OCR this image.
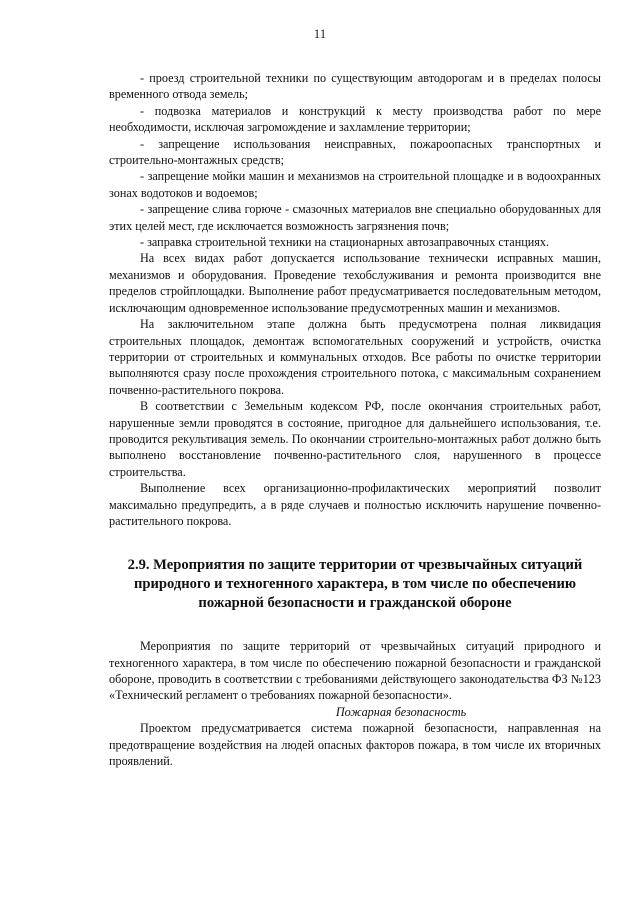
11

- проезд строительной техники по существующим автодорогам и в пределах полосы временного отвода земель;

- подвозка материалов и конструкций к месту производства работ по мере необходимости, исключая загромождение и захламление территории;

- запрещение использования неисправных, пожароопасных транспортных и строительно-монтажных средств;

- запрещение мойки машин и механизмов на строительной площадке и в водоохранных зонах водотоков и водоемов;

- запрещение слива горюче - смазочных материалов вне специально оборудованных для этих целей мест, где исключается возможность загрязнения почв;

- заправка строительной техники на стационарных автозаправочных станциях.

На всех видах работ допускается использование технически исправных машин, механизмов и оборудования. Проведение техобслуживания и ремонта производится вне пределов стройплощадки. Выполнение работ предусматривается последовательным методом, исключающим одновременное использование предусмотренных машин и механизмов.

На заключительном этапе должна быть предусмотрена полная ликвидация строительных площадок, демонтаж вспомогательных сооружений и устройств, очистка территории от строительных и коммунальных отходов. Все работы по очистке территории выполняются сразу после прохождения строительного потока, с максимальным сохранением почвенно-растительного покрова.

В соответствии с Земельным кодексом РФ, после окончания строительных работ, нарушенные земли проводятся в состояние, пригодное для дальнейшего использования, т.е. проводится рекультивация земель. По окончании строительно-монтажных работ должно быть выполнено восстановление почвенно-растительного слоя, нарушенного в процессе строительства.

Выполнение всех организационно-профилактических мероприятий позволит максимально предупредить, а в ряде случаев и полностью исключить нарушение почвенно-растительного покрова.

2.9. Мероприятия по защите территории от чрезвычайных ситуаций природного и техногенного характера, в том числе по обеспечению пожарной безопасности и гражданской обороне

Мероприятия по защите территорий от чрезвычайных ситуаций природного и техногенного характера, в том числе по обеспечению пожарной безопасности и гражданской обороне, проводить в соответствии с требованиями действующего законодательства ФЗ №123 «Технический регламент о требованиях пожарной безопасности».

Пожарная безопасность

Проектом предусматривается система пожарной безопасности, направленная на предотвращение воздействия на людей опасных факторов пожара, в том числе их вторичных проявлений.
